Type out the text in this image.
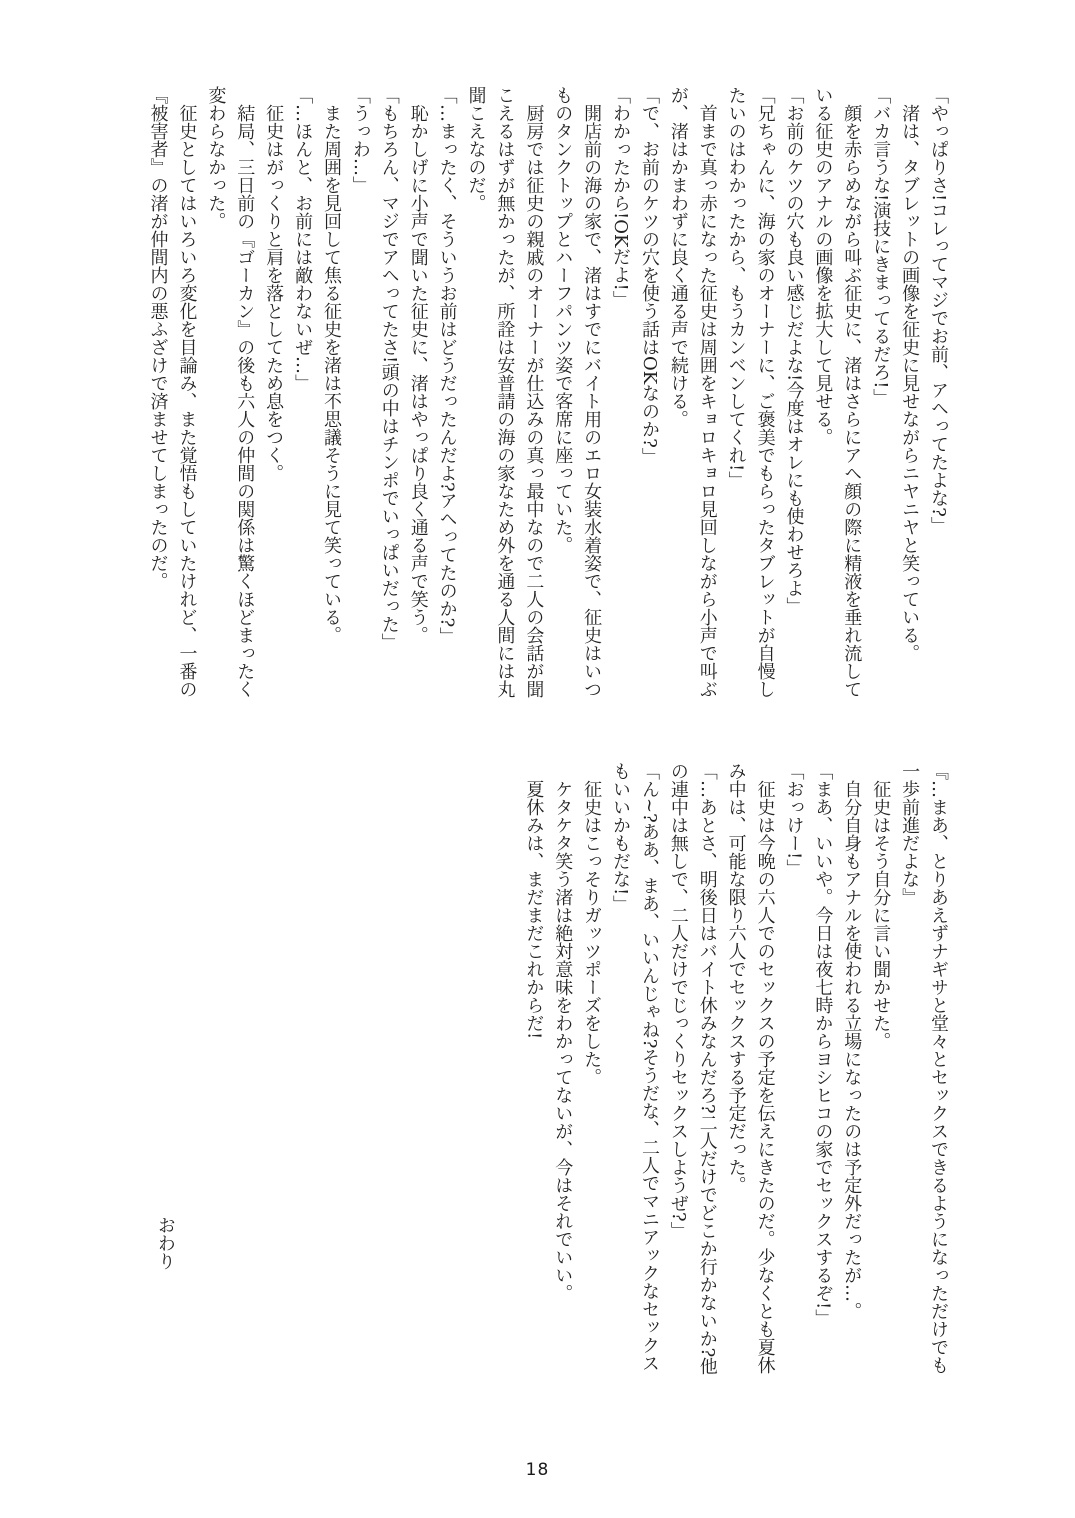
「やっぱりさ!コレってマジでお前、アヘってたよな?」

渚は、タブレットの画像を征史に見せながらニヤニヤと笑っている。

「バカ言うな!演技にきまってるだろ!」

顔を赤らめながら叫ぶ征史に、渚はさらにアヘ顔の際に精液を垂れ流している征史のアナルの画像を拡大して見せる。

「お前のケツの穴も良い感じだよな!今度はオレにも使わせろよ」

「兄ちゃんに、海の家のオーナーに、ご褒美でもらったタブレットが自慢したいのはわかったから、もうカンベンしてくれ!」

首まで真っ赤になった征史は周囲をキョロキョロ見回しながら小声で叫ぶが、渚はかまわずに良く通る声で続ける。

「で、お前のケツの穴を使う話はOKなのか?」

「わかったから!OKだよ!」

開店前の海の家で、渚はすでにバイト用のエロ女装水着姿で、征史はいつものタンクトップとハーフパンツ姿で客席に座っていた。

厨房では征史の親戚のオーナーが仕込みの真っ最中なので二人の会話が聞こえるはずが無かったが、所詮は安普請の海の家なため外を通る人間には丸聞こえなのだ。

「…まったく、そういうお前はどうだったんだよ?アヘってたのか?」

恥かしげに小声で聞いた征史に、渚はやっぱり良く通る声で笑う。

「もちろん、マジでアヘってたさ!頭の中はチンポでいっぱいだった」

「うっわ…」

また周囲を見回して焦る征史を渚は不思議そうに見て笑っている。

「…ほんと、お前には敵わないぜ…」

征史はがっくりと肩を落としてため息をつく。

結局、三日前の『ゴーカン』の後も六人の仲間の関係は驚くほどまったく変わらなかった。

征史としてはいろいろ変化を目論み、また覚悟もしていたけれど、一番の『被害者』の渚が仲間内の悪ふざけで済ませてしまったのだ。

『…まあ、とりあえずナギサと堂々とセックスできるようになっただけでも一歩前進だよな』

征史はそう自分に言い聞かせた。

自分自身もアナルを使われる立場になったのは予定外だったが…。

「まあ、いいや。今日は夜七時からヨシヒコの家でセックスするぞ!」

「おっけー!」

征史は今晩の六人でのセックスの予定を伝えにきたのだ。少なくとも夏休み中は、可能な限り六人でセックスする予定だった。

「…あとさ、明後日はバイト休みなんだろ?二人だけでどこか行かないか?他の連中は無しで、二人だけでじっくりセックスしようぜ?」

「ん~?ああ、まあ、いいんじゃね?そうだな、二人でマニアックなセックスもいいかもだな!」

征史はこっそりガッツポーズをした。

ケタケタ笑う渚は絶対意味をわかってないが、今はそれでいい。

夏休みは、まだまだこれからだ!

おわり
18
